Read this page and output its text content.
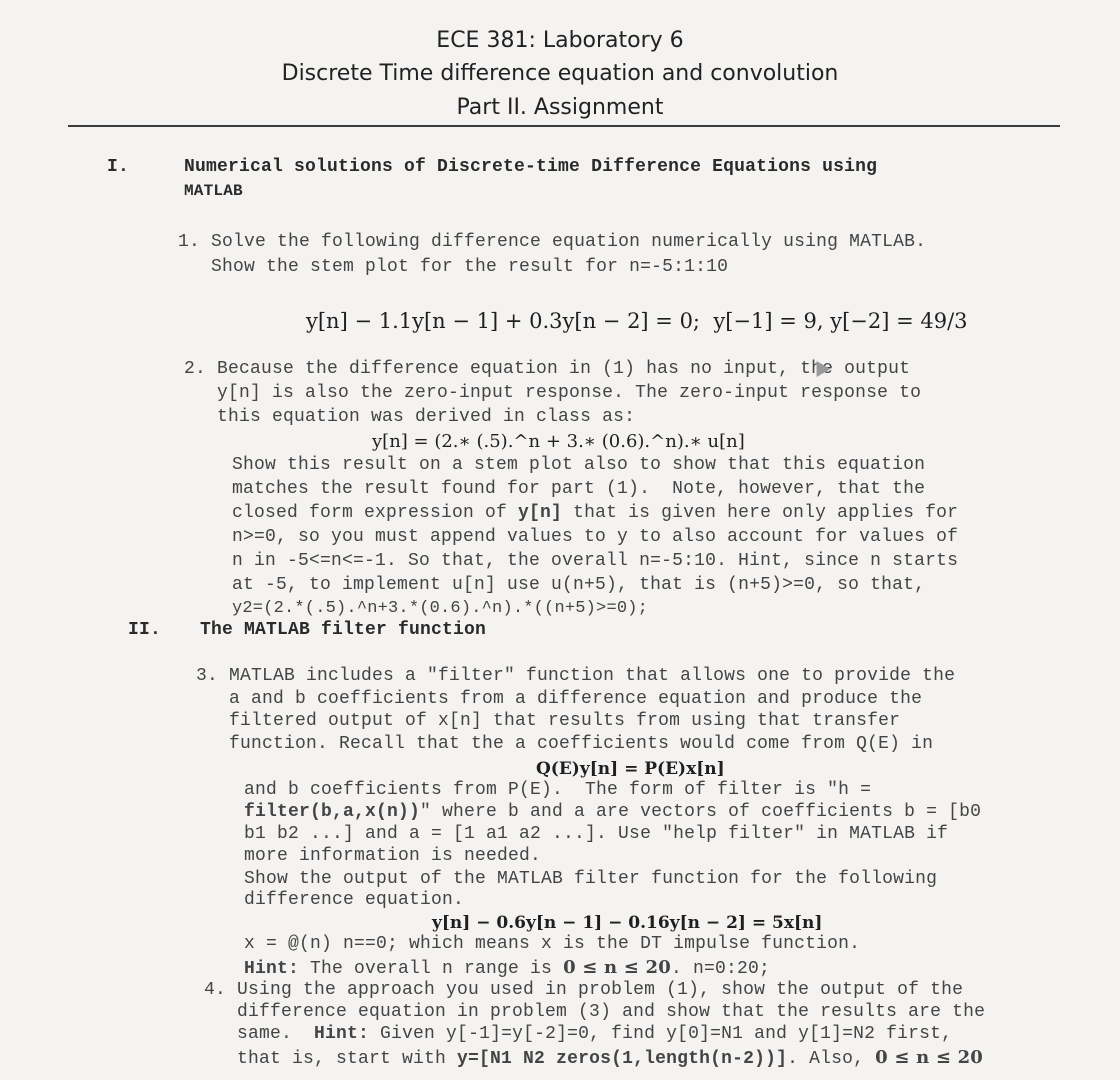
ECE 381: Laboratory 6
Discrete Time difference equation and convolution
Part II. Assignment
I.	Numerical solutions of Discrete-time Difference Equations using
MATLAB
1. Solve the following difference equation numerically using MATLAB.
Show the stem plot for the result for n=-5:1:10
y[n] − 1.1y[n − 1] + 0.3y[n − 2] = 0;  y[−1] = 9, y[−2] = 49/3
2. Because the difference equation in (1) has no input, the output
y[n] is also the zero-input response. The zero-input response to
this equation was derived in class as:
y[n] = (2.∗ (.5).^n + 3.∗ (0.6).^n).∗ u[n]
Show this result on a stem plot also to show that this equation
matches the result found for part (1).  Note, however, that the
closed form expression of y[n] that is given here only applies for
n>=0, so you must append values to y to also account for values of
n in -5<=n<=-1. So that, the overall n=-5:10. Hint, since n starts
at -5, to implement u[n] use u(n+5), that is (n+5)>=0, so that,
y2=(2.*(.5).^n+3.*(0.6).^n).*((n+5)>=0);
II. The MATLAB filter function
3. MATLAB includes a "filter" function that allows one to provide the
a and b coefficients from a difference equation and produce the
filtered output of x[n] that results from using that transfer
function. Recall that the a coefficients would come from Q(E) in
Q(E)y[n] = P(E)x[n]
and b coefficients from P(E).  The form of filter is "h =
filter(b,a,x(n))" where b and a are vectors of coefficients b = [b0
b1 b2 ...] and a = [1 a1 a2 ...]. Use "help filter" in MATLAB if
more information is needed.
Show the output of the MATLAB filter function for the following
difference equation.
y[n] − 0.6y[n − 1] − 0.16y[n − 2] = 5x[n]
x = @(n) n==0; which means x is the DT impulse function.
Hint: The overall n range is 0 ≤ n ≤ 20. n=0:20;
4. Using the approach you used in problem (1), show the output of the
difference equation in problem (3) and show that the results are the
same.  Hint: Given y[-1]=y[-2]=0, find y[0]=N1 and y[1]=N2 first,
that is, start with y=[N1 N2 zeros(1,length(n-2))]. Also, 0 ≤ n ≤ 20
